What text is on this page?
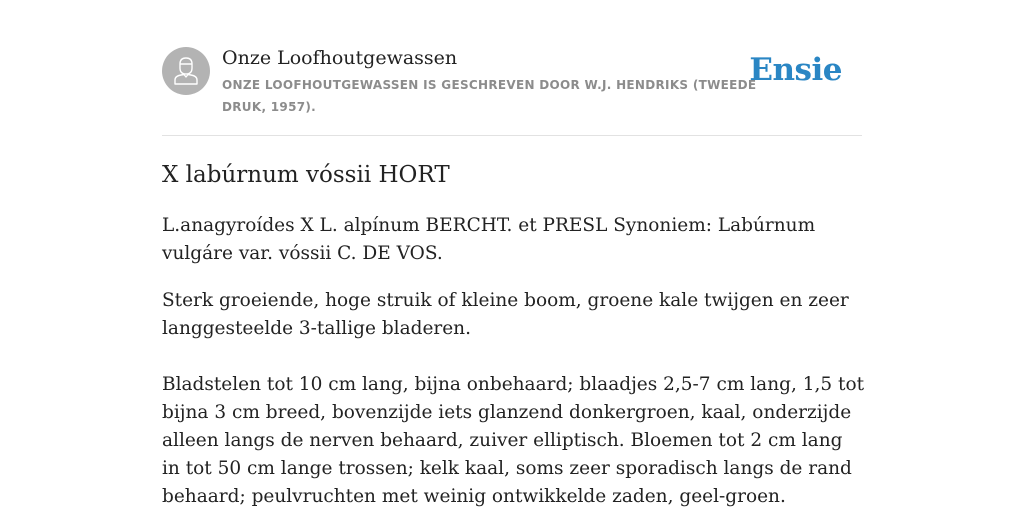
Onze Loofhoutgewassen
ONZE LOOFHOUTGEWASSEN IS GESCHREVEN DOOR W.J. HENDRIKS (TWEEDE DRUK, 1957).
Ensie
X labúrnum vóssii HORT

L.anagyroídes X L. alpínum BERCHT. et PRESL Synoniem: Labúrnum vulgáre var. vóssii C. DE VOS.

Sterk groeiende, hoge struik of kleine boom, groene kale twijgen en zeer langgesteelde 3-tallige bladeren.

Bladstelen tot 10 cm lang, bijna onbehaard; blaadjes 2,5-7 cm lang, 1,5 tot bijna 3 cm breed, bovenzijde iets glanzend donkergroen, kaal, onderzijde alleen langs de nerven behaard, zuiver elliptisch. Bloemen tot 2 cm lang in tot 50 cm lange trossen; kelk kaal, soms zeer sporadisch langs de rand behaard; peulvruchten met weinig ontwikkelde zaden, geel-groen.
